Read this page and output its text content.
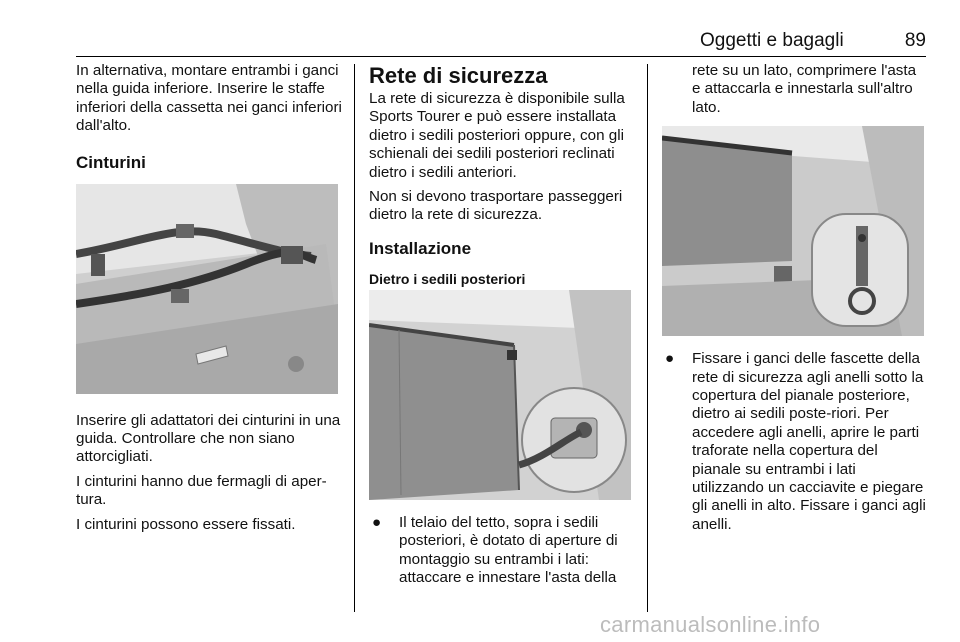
Oggetti e bagagli	89

In alternativa, montare entrambi i ganci nella guida inferiore. Inserire le staffe inferiori della cassetta nei ganci inferiori dall'alto.

Cinturini

Inserire gli adattatori dei cinturini in una guida. Controllare che non siano attorcigliati.

I cinturini hanno due fermagli di aper-tura.

I cinturini possono essere fissati.

Rete di sicurezza

La rete di sicurezza è disponibile sulla Sports Tourer e può essere installata dietro i sedili posteriori oppure, con gli schienali dei sedili posteriori reclinati dietro i sedili anteriori.

Non si devono trasportare passeggeri dietro la rete di sicurezza.

Installazione
Dietro i sedili posteriori
● Il telaio del tetto, sopra i sedili posteriori, è dotato di aperture di montaggio su entrambi i lati: attaccare e innestare l'asta della

rete su un lato, comprimere l'asta e attaccarla e innestarla sull'altro lato.

● Fissare i ganci delle fascette della rete di sicurezza agli anelli sotto la copertura del pianale posteriore, dietro ai sedili poste-riori. Per accedere agli anelli, aprire le parti traforate nella copertura del pianale su entrambi i lati utilizzando un cacciavite e piegare gli anelli in alto. Fissare i ganci agli anelli.
carmanualsonline.info
